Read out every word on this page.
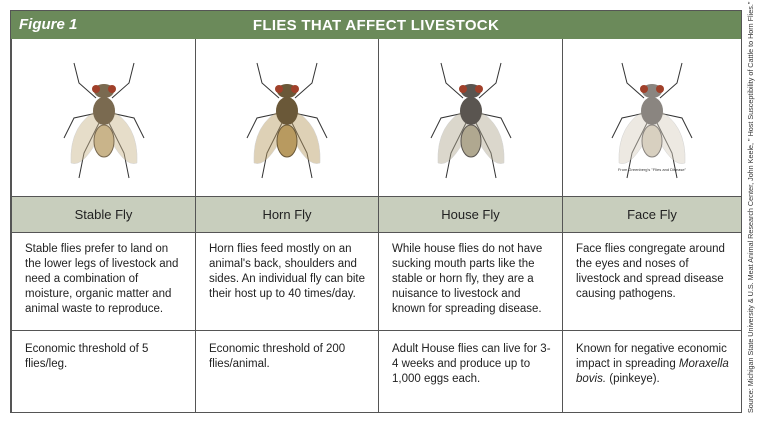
Figure 1	FLIES THAT AFFECT LIVESTOCK
Stable Fly
Stable flies prefer to land on the lower legs of livestock and need a combination of moisture, organic matter and animal waste to reproduce.
Economic threshold of 5 flies/leg.
Horn Fly
Horn flies feed mostly on an animal's back, shoulders and sides. An individual fly can bite their host up to 40 times/day.
Economic threshold of 200 flies/animal.
House Fly
While house flies do not have sucking mouth parts like the stable or horn fly, they are a nuisance to livestock and known for spreading disease.
Adult House flies can live for 3-4 weeks and produce up to 1,000 eggs each.
From Greenberg's "Flies and Disease"
Face Fly
Face flies congregate around the eyes and noses of livestock and spread disease causing pathogens.
Known for negative economic impact in spreading Moraxella bovis. (pinkeye).	Source: Michigan State University & U.S. Meat Animal Research Center, John Keele, " Host Susceptibility of Cattle to Horn Flies."
